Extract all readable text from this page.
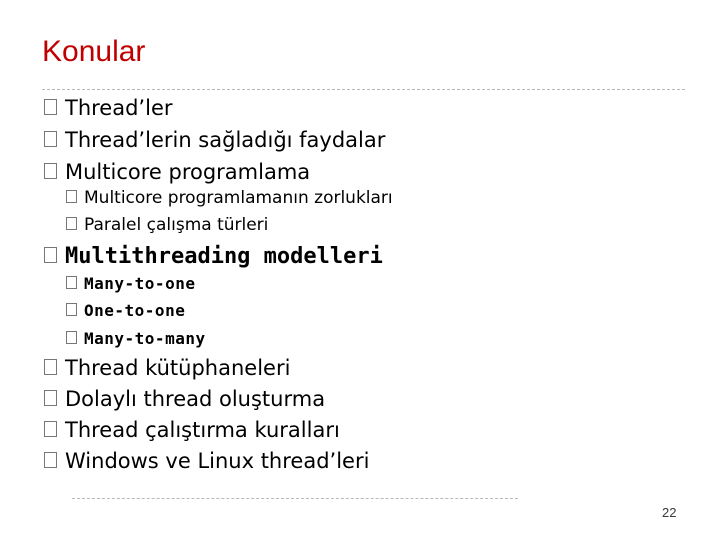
Konular
Thread’ler
Thread’lerin sağladığı faydalar
Multicore programlama
Multicore programlamanın zorlukları
Paralel çalışma türleri
Multithreading modelleri
Many-to-one
One-to-one
Many-to-many
Thread kütüphaneleri
Dolaylı thread oluşturma
Thread çalıştırma kuralları
Windows ve Linux thread’leri
22
